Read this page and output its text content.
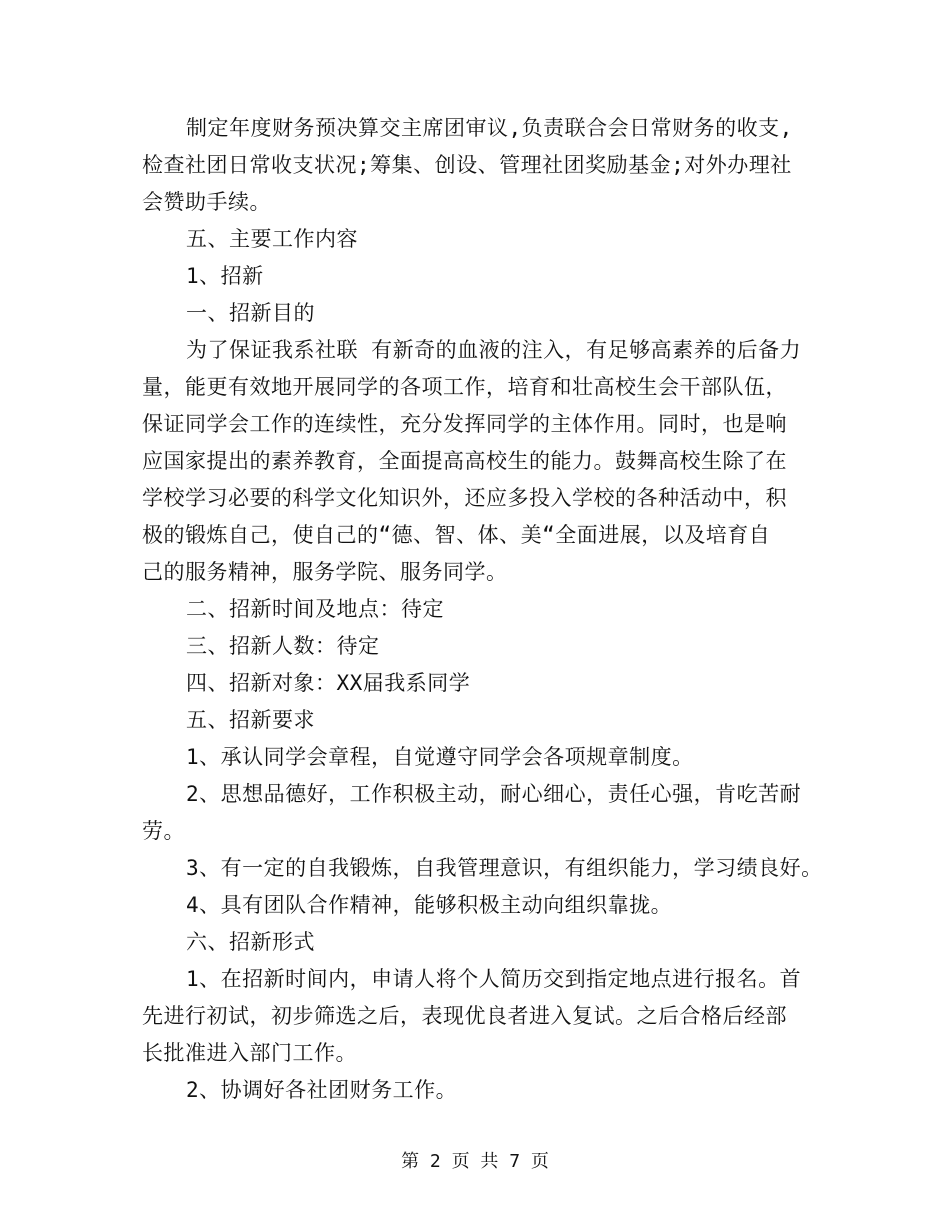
制定年度财务预决算交主席团审议,负责联合会日常财务的收支,
检查社团日常收支状况;筹集、创设、管理社团奖励基金;对外办理社
会赞助手续。
五、主要工作内容
1、招新
一、招新目的
为了保证我系社联 有新奇的血液的注入，有足够高素养的后备力
量，能更有效地开展同学的各项工作，培育和壮高校生会干部队伍，
保证同学会工作的连续性，充分发挥同学的主体作用。同时，也是响
应国家提出的素养教育，全面提高高校生的能力。鼓舞高校生除了在
学校学习必要的科学文化知识外，还应多投入学校的各种活动中，积
极的锻炼自己，使自己的“德、智、体、美“全面进展，以及培育自
己的服务精神，服务学院、服务同学。
二、招新时间及地点：待定
三、招新人数：待定
四、招新对象：XX届我系同学
五、招新要求
1、承认同学会章程，自觉遵守同学会各项规章制度。
2、思想品德好，工作积极主动，耐心细心，责任心强，肯吃苦耐
劳。
3、有一定的自我锻炼，自我管理意识，有组织能力，学习绩良好。
4、具有团队合作精神，能够积极主动向组织靠拢。
六、招新形式
1、在招新时间内，申请人将个人简历交到指定地点进行报名。首
先进行初试，初步筛选之后，表现优良者进入复试。之后合格后经部
长批准进入部门工作。
2、协调好各社团财务工作。
第 2 页 共 7 页
